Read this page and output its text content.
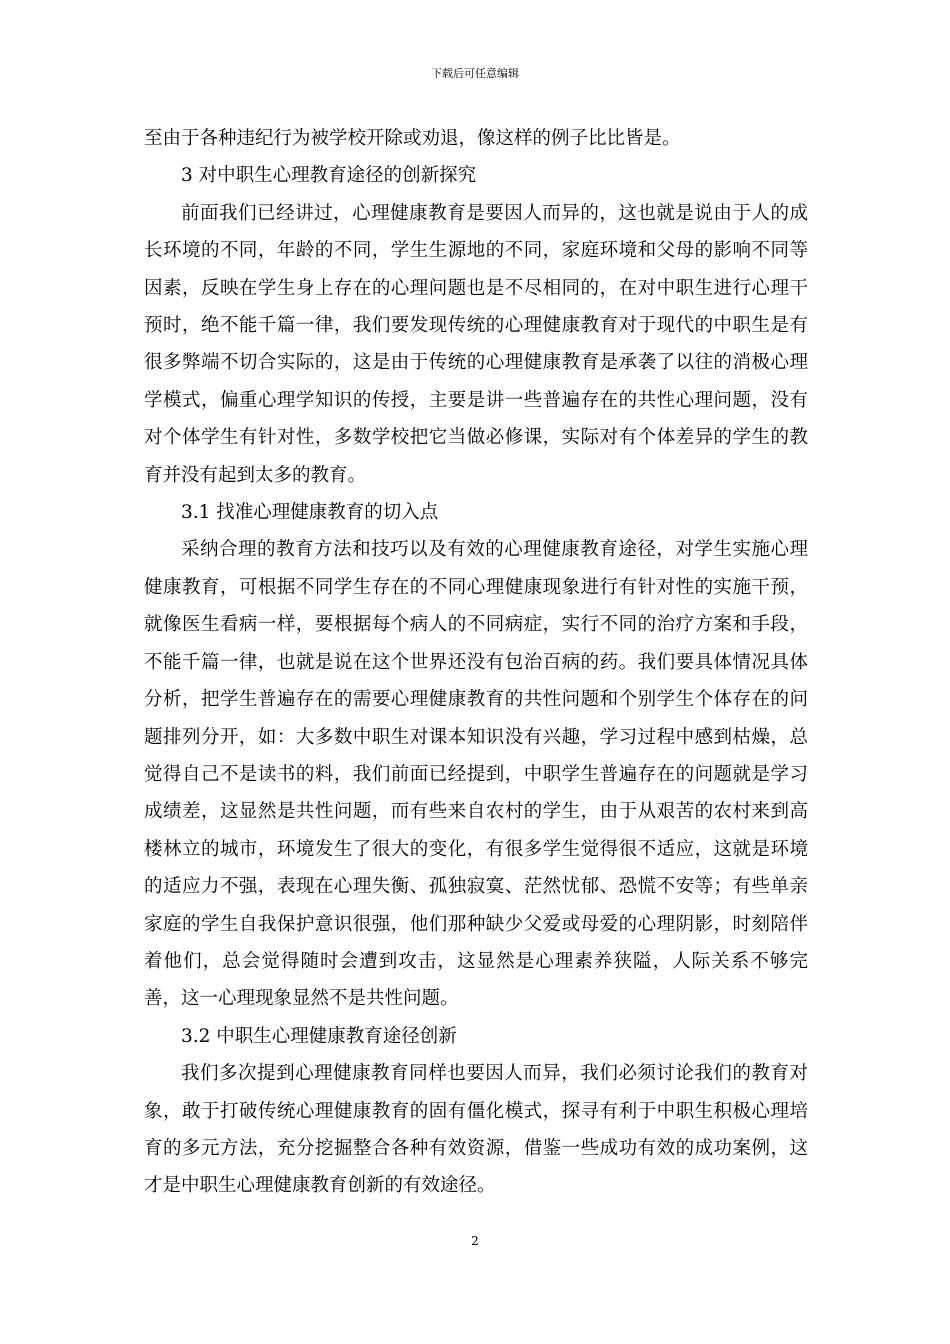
下载后可任意编辑

至由于各种违纪行为被学校开除或劝退，像这样的例子比比皆是。

3 对中职生心理教育途径的创新探究

前面我们已经讲过，心理健康教育是要因人而异的，这也就是说由于人的成长环境的不同，年龄的不同，学生生源地的不同，家庭环境和父母的影响不同等因素，反映在学生身上存在的心理问题也是不尽相同的，在对中职生进行心理干预时，绝不能千篇一律，我们要发现传统的心理健康教育对于现代的中职生是有很多弊端不切合实际的，这是由于传统的心理健康教育是承袭了以往的消极心理学模式，偏重心理学知识的传授，主要是讲一些普遍存在的共性心理问题，没有对个体学生有针对性，多数学校把它当做必修课，实际对有个体差异的学生的教育并没有起到太多的教育。

3.1 找准心理健康教育的切入点

采纳合理的教育方法和技巧以及有效的心理健康教育途径，对学生实施心理健康教育，可根据不同学生存在的不同心理健康现象进行有针对性的实施干预，就像医生看病一样，要根据每个病人的不同病症，实行不同的治疗方案和手段，不能千篇一律，也就是说在这个世界还没有包治百病的药。我们要具体情况具体分析，把学生普遍存在的需要心理健康教育的共性问题和个别学生个体存在的问题排列分开，如：大多数中职生对课本知识没有兴趣，学习过程中感到枯燥，总觉得自己不是读书的料，我们前面已经提到，中职学生普遍存在的问题就是学习成绩差，这显然是共性问题，而有些来自农村的学生，由于从艰苦的农村来到高楼林立的城市，环境发生了很大的变化，有很多学生觉得很不适应，这就是环境的适应力不强，表现在心理失衡、孤独寂寞、茫然忧郁、恐慌不安等；有些单亲家庭的学生自我保护意识很强，他们那种缺少父爱或母爱的心理阴影，时刻陪伴着他们，总会觉得随时会遭到攻击，这显然是心理素养狭隘，人际关系不够完善，这一心理现象显然不是共性问题。

3.2 中职生心理健康教育途径创新

我们多次提到心理健康教育同样也要因人而异，我们必须讨论我们的教育对象，敢于打破传统心理健康教育的固有僵化模式，探寻有利于中职生积极心理培育的多元方法，充分挖掘整合各种有效资源，借鉴一些成功有效的成功案例，这才是中职生心理健康教育创新的有效途径。

2
